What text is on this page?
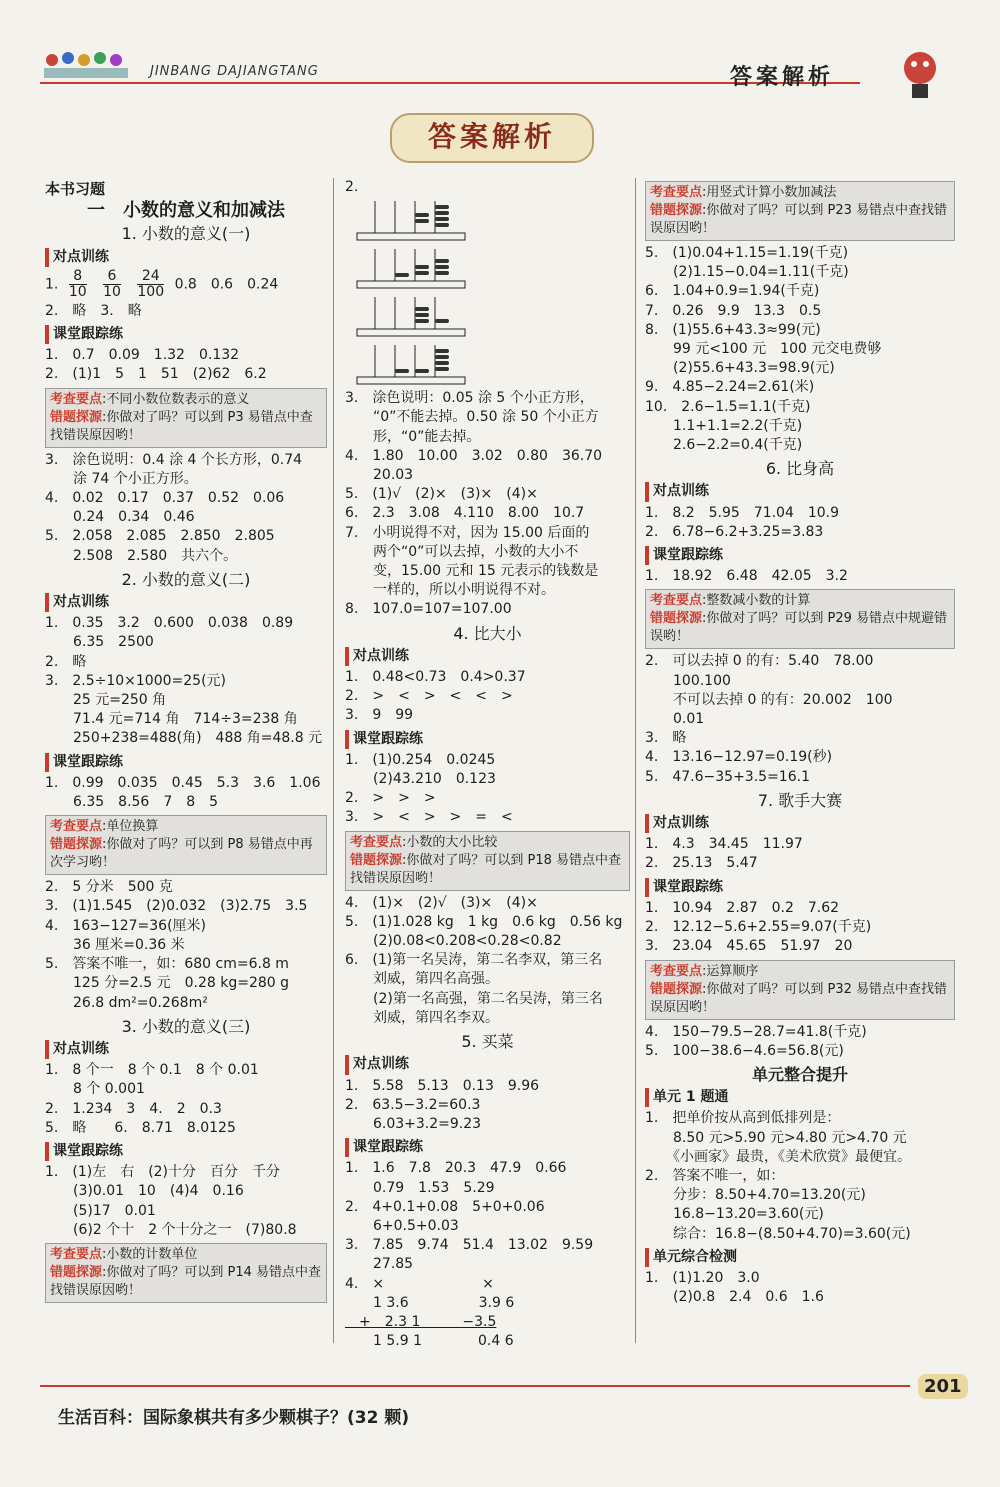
JINBANG DAJIANGTANG	答案解析
答案解析
本书习题
一　小数的意义和加减法
1. 小数的意义(一)
对点训练
1. $\frac{8}{10} \frac{6}{10} \frac{24}{100} 0.8$　0.6　0.24
2.　略　3.　略
课堂跟踪练
1.　0.7　0.09　1.32　0.132
2.　(1)1　5　1　51　(2)62　6.2
考查要点:不同小数位数表示的意义
错题探源:你做对了吗？可以到 P3 易错点中查找错误原因哟！
3.　涂色说明：0.4 涂 4 个长方形，0.74
　　涂 74 个小正方形。
4.　0.02　0.17　0.37　0.52　0.06
　　0.24　0.34　0.46
5.　2.058　2.085　2.850　2.805
　　2.508　2.580　共六个。
2. 小数的意义(二)
对点训练
1.　0.35　3.2　0.600　0.038　0.89
　　6.35　2500
2.　略
3.　2.5÷10×1000=25(元)
　　25 元=250 角
　　71.4 元=714 角　714÷3=238 角
　　250+238=488(角)　488 角=48.8 元
课堂跟踪练
1.　0.99　0.035　0.45　5.3　3.6　1.06
　　6.35　8.56　7　8　5
考查要点:单位换算
错题探源:你做对了吗？可以到 P8 易错点中再次学习哟！
2.　5 分米　500 克
3.　(1)1.545　(2)0.032　(3)2.75　3.5
4.　163−127=36(厘米)
　　36 厘米=0.36 米
5.　答案不唯一，如：680 cm=6.8 m
　　125 分=2.5 元　0.28 kg=280 g
　　26.8 dm²=0.268m²
3. 小数的意义(三)
对点训练
1.　8 个一　8 个 0.1　8 个 0.01
　　8 个 0.001
2.　1.234　3　4.　2　0.3
5.　略　　6.　8.71　8.0125
课堂跟踪练
1.　(1)左　右　(2)十分　百分　千分
　　(3)0.01　10　(4)4　0.16
　　(5)17　0.01
　　(6)2 个十　2 个十分之一　(7)80.8
考查要点:小数的计数单位
错题探源:你做对了吗？可以到 P14 易错点中查找错误原因哟！
2.

3.　涂色说明：0.05 涂 5 个小正方形，
　　“0”不能去掉。0.50 涂 50 个小正方
　　形，“0”能去掉。
4.　1.80　10.00　3.02　0.80　36.70
　　20.03
5.　(1)√　(2)×　(3)×　(4)×
6.　2.3　3.08　4.110　8.00　10.7
7.　小明说得不对，因为 15.00 后面的
　　两个“0”可以去掉，小数的大小不
　　变，15.00 元和 15 元表示的钱数是
　　一样的，所以小明说得不对。
8.　107.0=107=107.00
4. 比大小
对点训练
1.　0.48<0.73　0.4>0.37
2.　>　<　>　<　<　>
3.　9　99
课堂跟踪练
1.　(1)0.254　0.0245
　　(2)43.210　0.123
2.　>　>　>
3.　>　<　>　>　=　<
考查要点:小数的大小比较
错题探源:你做对了吗？可以到 P18 易错点中查找错误原因哟！
4.　(1)×　(2)√　(3)×　(4)×
5.　(1)1.028 kg　1 kg　0.6 kg　0.56 kg
　　(2)0.08<0.208<0.28<0.82
6.　(1)第一名吴涛，第二名李双，第三名
　　刘威，第四名高强。
　　(2)第一名高强，第二名吴涛，第三名
　　刘威，第四名李双。
5. 买菜
对点训练
1.　5.58　5.13　0.13　9.96
2.　63.5−3.2=60.3
　　6.03+3.2=9.23
课堂跟踪练
1.　1.6　7.8　20.3　47.9　0.66
　　0.79　1.53　5.29
2.　4+0.1+0.08　5+0+0.06
　　6+0.5+0.03
3.　7.85　9.74　51.4　13.02　9.59
　　27.85
4.　×　　　　　　　×
　　1 3.6　　　　　3.9 6
　+　2.3 1　　　−3.5
　　1 5.9 1　　　　0.4 6
考查要点:用竖式计算小数加减法
错题探源:你做对了吗？可以到 P23 易错点中查找错误原因哟！
5.　(1)0.04+1.15=1.19(千克)
　　(2)1.15−0.04=1.11(千克)
6.　1.04+0.9=1.94(千克)
7.　0.26　9.9　13.3　0.5
8.　(1)55.6+43.3≈99(元)
　　99 元<100 元　100 元交电费够
　　(2)55.6+43.3=98.9(元)
9.　4.85−2.24=2.61(米)
10.　2.6−1.5=1.1(千克)
　　1.1+1.1=2.2(千克)
　　2.6−2.2=0.4(千克)
6. 比身高
对点训练
1.　8.2　5.95　71.04　10.9
2.　6.78−6.2+3.25=3.83
课堂跟踪练
1.　18.92　6.48　42.05　3.2
考查要点:整数减小数的计算
错题探源:你做对了吗？可以到 P29 易错点中规避错误哟！
2.　可以去掉 0 的有：5.40　78.00
　　100.100
　　不可以去掉 0 的有：20.002　100
　　0.01
3.　略
4.　13.16−12.97=0.19(秒)
5.　47.6−35+3.5=16.1
7. 歌手大赛
对点训练
1.　4.3　34.45　11.97
2.　25.13　5.47
课堂跟踪练
1.　10.94　2.87　0.2　7.62
2.　12.12−5.6+2.55=9.07(千克)
3.　23.04　45.65　51.97　20
考查要点:运算顺序
错题探源:你做对了吗？可以到 P32 易错点中查找错误原因哟！
4.　150−79.5−28.7=41.8(千克)
5.　100−38.6−4.6=56.8(元)
单元整合提升
单元 1 题通
1.　把单价按从高到低排列是：
　　8.50 元>5.90 元>4.80 元>4.70 元
　　《小画家》最贵，《美术欣赏》最便宜。
2.　答案不唯一，如：
　　分步：8.50+4.70=13.20(元)
　　16.8−13.20=3.60(元)
　　综合：16.8−(8.50+4.70)=3.60(元)
单元综合检测
1.　(1)1.20　3.0
　　(2)0.8　2.4　0.6　1.6
201
生活百科：国际象棋共有多少颗棋子？(32 颗)
